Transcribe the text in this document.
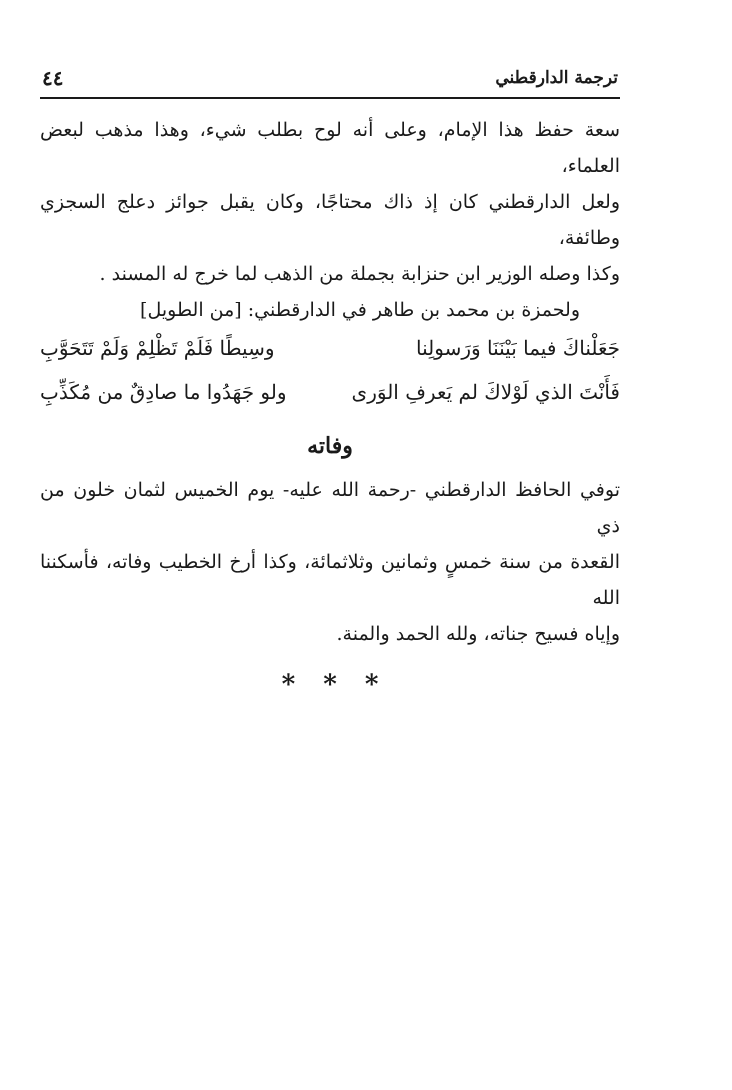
ترجمة الدارقطني
٤٤
سعة حفظ هذا الإمام، وعلى أنه لوح بطلب شيء، وهذا مذهب لبعض العلماء،
ولعل الدارقطني كان إذ ذاك محتاجًا، وكان يقبل جوائز دعلج السجزي وطائفة،
وكذا وصله الوزير ابن حنزابة بجملة من الذهب لما خرج له المسند .
ولحمزة بن محمد بن طاهر في الدارقطني: [من الطويل]
جَعَلْناكَ فيما بَيْنَنَا وَرَسولِنا
وسِيطًا فَلَمْ تَظْلِمْ وَلَمْ تَتَحَوَّبِ
فَأَنْتَ الذي لَوْلاكَ لم يَعرفِ الوَرى
ولو جَهَدُوا ما صادِقٌ من مُكَذِّبِ
وفاته
توفي الحافظ الدارقطني -رحمة الله عليه- يوم الخميس لثمان خلون من ذي
القعدة من سنة خمسٍ وثمانين وثلاثمائة، وكذا أرخ الخطيب وفاته، فأسكننا الله
وإياه فسيح جناته، ولله الحمد والمنة.
*
*
*
